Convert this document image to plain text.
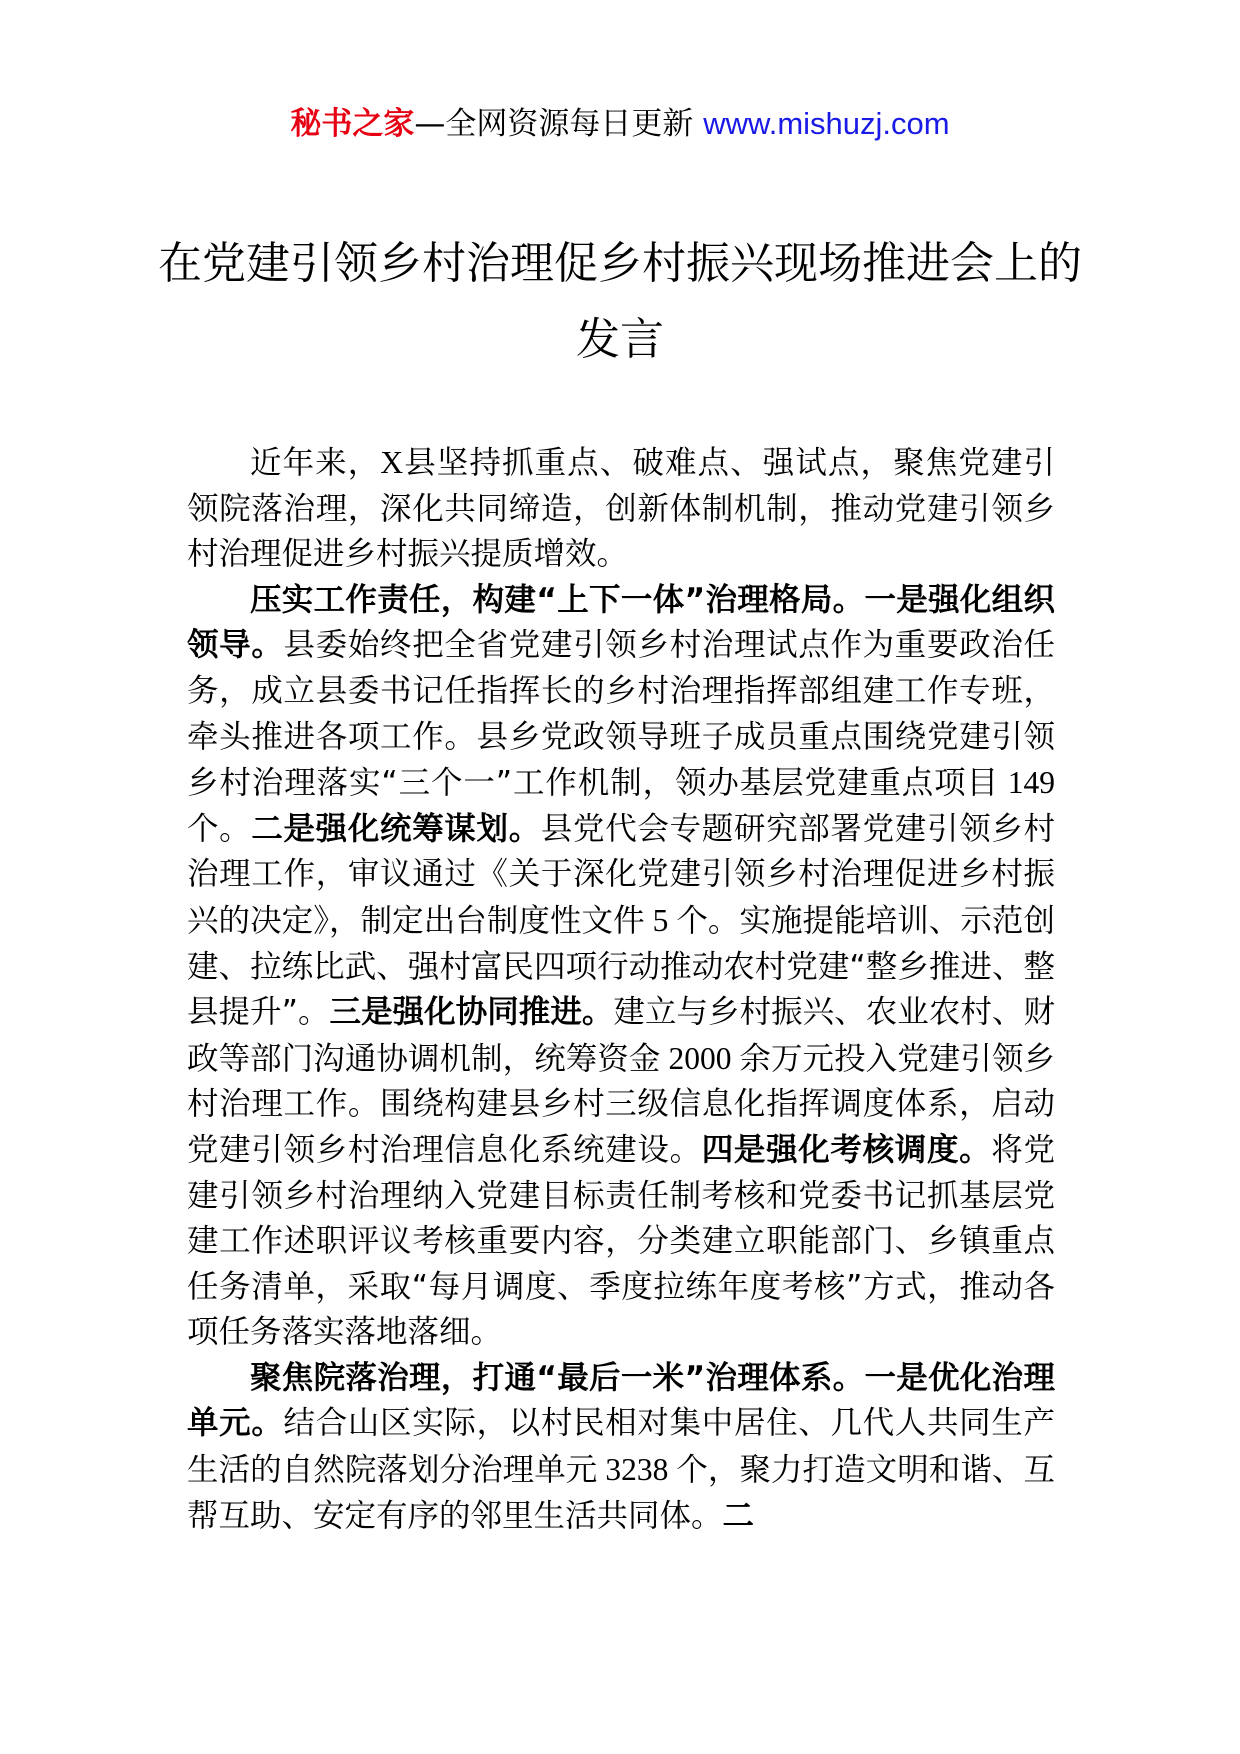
秘书之家—全网资源每日更新 www.mishuzj.com
在党建引领乡村治理促乡村振兴现场推进会上的发言

近年来，X县坚持抓重点、破难点、强试点，聚焦党建引领院落治理，深化共同缔造，创新体制机制，推动党建引领乡村治理促进乡村振兴提质增效。

压实工作责任，构建“上下一体”治理格局。一是强化组织领导。县委始终把全省党建引领乡村治理试点作为重要政治任务，成立县委书记任指挥长的乡村治理指挥部组建工作专班，牵头推进各项工作。县乡党政领导班子成员重点围绕党建引领乡村治理落实“三个一”工作机制，领办基层党建重点项目 149 个。二是强化统筹谋划。县党代会专题研究部署党建引领乡村治理工作，审议通过《关于深化党建引领乡村治理促进乡村振兴的决定》，制定出台制度性文件 5 个。实施提能培训、示范创建、拉练比武、强村富民四项行动推动农村党建“整乡推进、整县提升”。三是强化协同推进。建立与乡村振兴、农业农村、财政等部门沟通协调机制，统筹资金 2000 余万元投入党建引领乡村治理工作。围绕构建县乡村三级信息化指挥调度体系，启动党建引领乡村治理信息化系统建设。四是强化考核调度。将党建引领乡村治理纳入党建目标责任制考核和党委书记抓基层党建工作述职评议考核重要内容，分类建立职能部门、乡镇重点任务清单，采取“每月调度、季度拉练年度考核”方式，推动各项任务落实落地落细。

聚焦院落治理，打通“最后一米”治理体系。一是优化治理单元。结合山区实际，以村民相对集中居住、几代人共同生产生活的自然院落划分治理单元 3238 个，聚力打造文明和谐、互帮互助、安定有序的邻里生活共同体。二
